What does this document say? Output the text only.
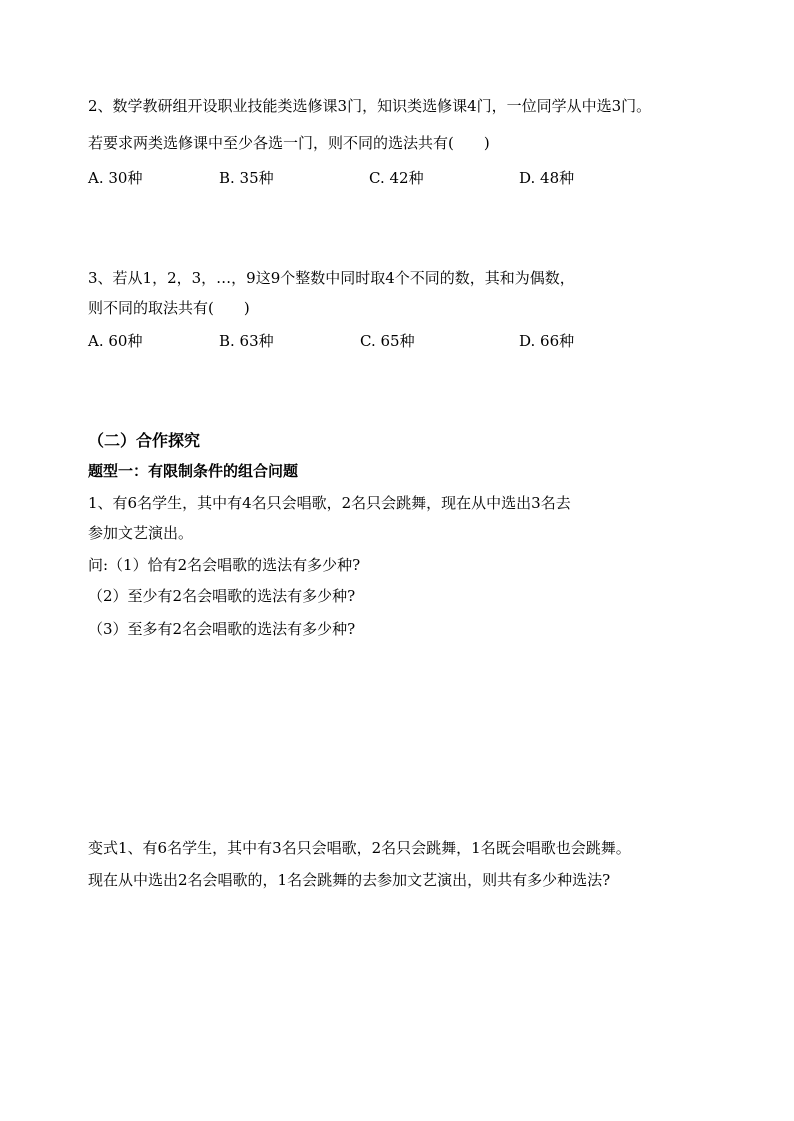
2、数学教研组开设职业技能类选修课3门，知识类选修课4门，一位同学从中选3门。
若要求两类选修课中至少各选一门，则不同的选法共有(　　)
A. 30种	B. 35种	C. 42种	D. 48种
3、若从1，2，3，…，9这9个整数中同时取4个不同的数，其和为偶数，
则不同的取法共有(　　)
A. 60种	B. 63种	C. 65种	D. 66种
（二）合作探究
题型一：有限制条件的组合问题
1、有6名学生，其中有4名只会唱歌，2名只会跳舞，现在从中选出3名去
参加文艺演出。
问:（1）恰有2名会唱歌的选法有多少种?
（2）至少有2名会唱歌的选法有多少种?
（3）至多有2名会唱歌的选法有多少种?
变式1、有6名学生，其中有3名只会唱歌，2名只会跳舞，1名既会唱歌也会跳舞。
现在从中选出2名会唱歌的，1名会跳舞的去参加文艺演出，则共有多少种选法?
